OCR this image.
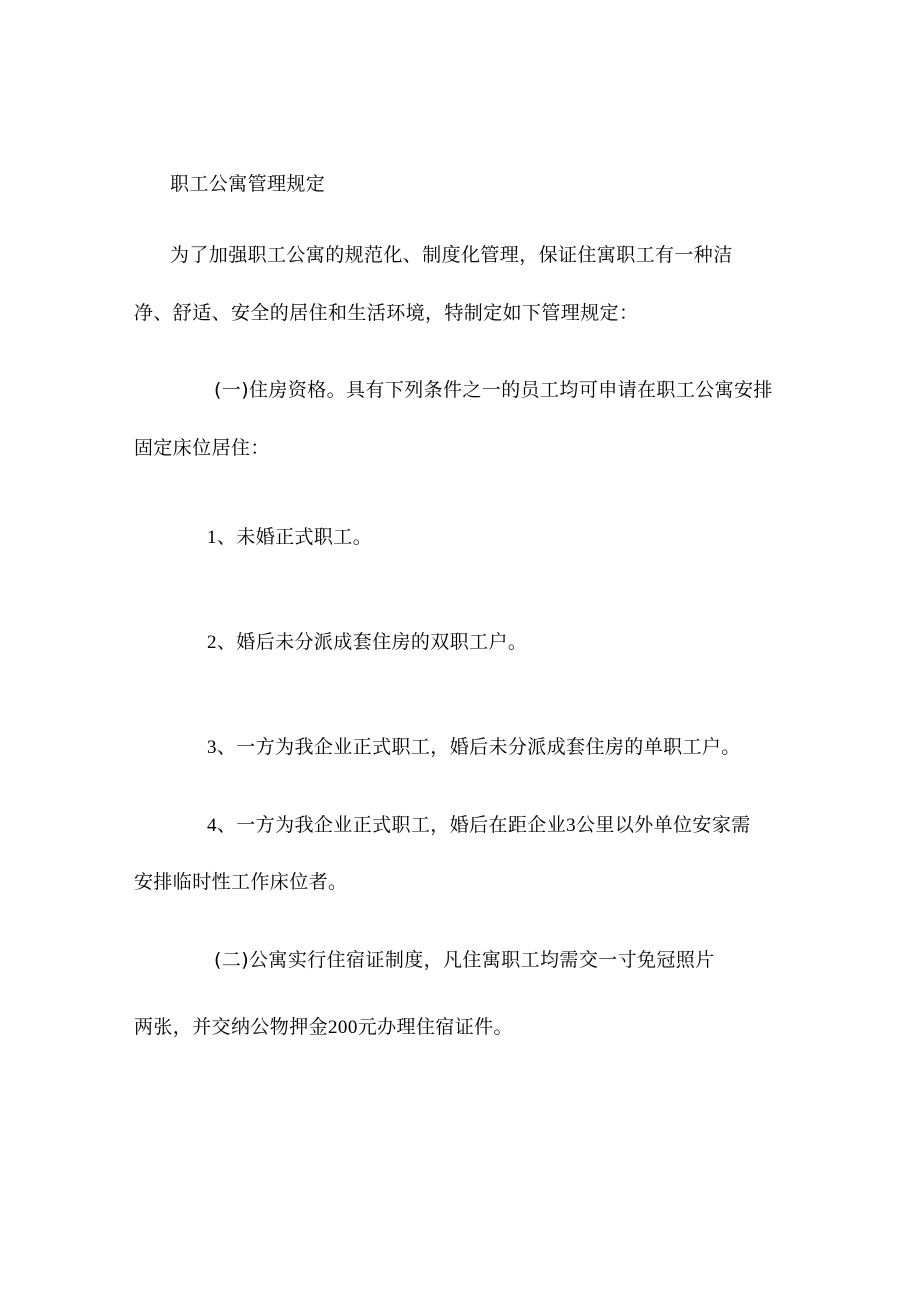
职工公寓管理规定
为了加强职工公寓的规范化、制度化管理，保证住寓职工有一种洁
净、舒适、安全的居住和生活环境，特制定如下管理规定：
(一)住房资格。具有下列条件之一的员工均可申请在职工公寓安排
固定床位居住：
1、未婚正式职工。
2、婚后未分派成套住房的双职工户。
3、一方为我企业正式职工，婚后未分派成套住房的单职工户。
4、一方为我企业正式职工，婚后在距企业3公里以外单位安家需
安排临时性工作床位者。
(二)公寓实行住宿证制度，凡住寓职工均需交一寸免冠照片
两张，并交纳公物押金200元办理住宿证件。
